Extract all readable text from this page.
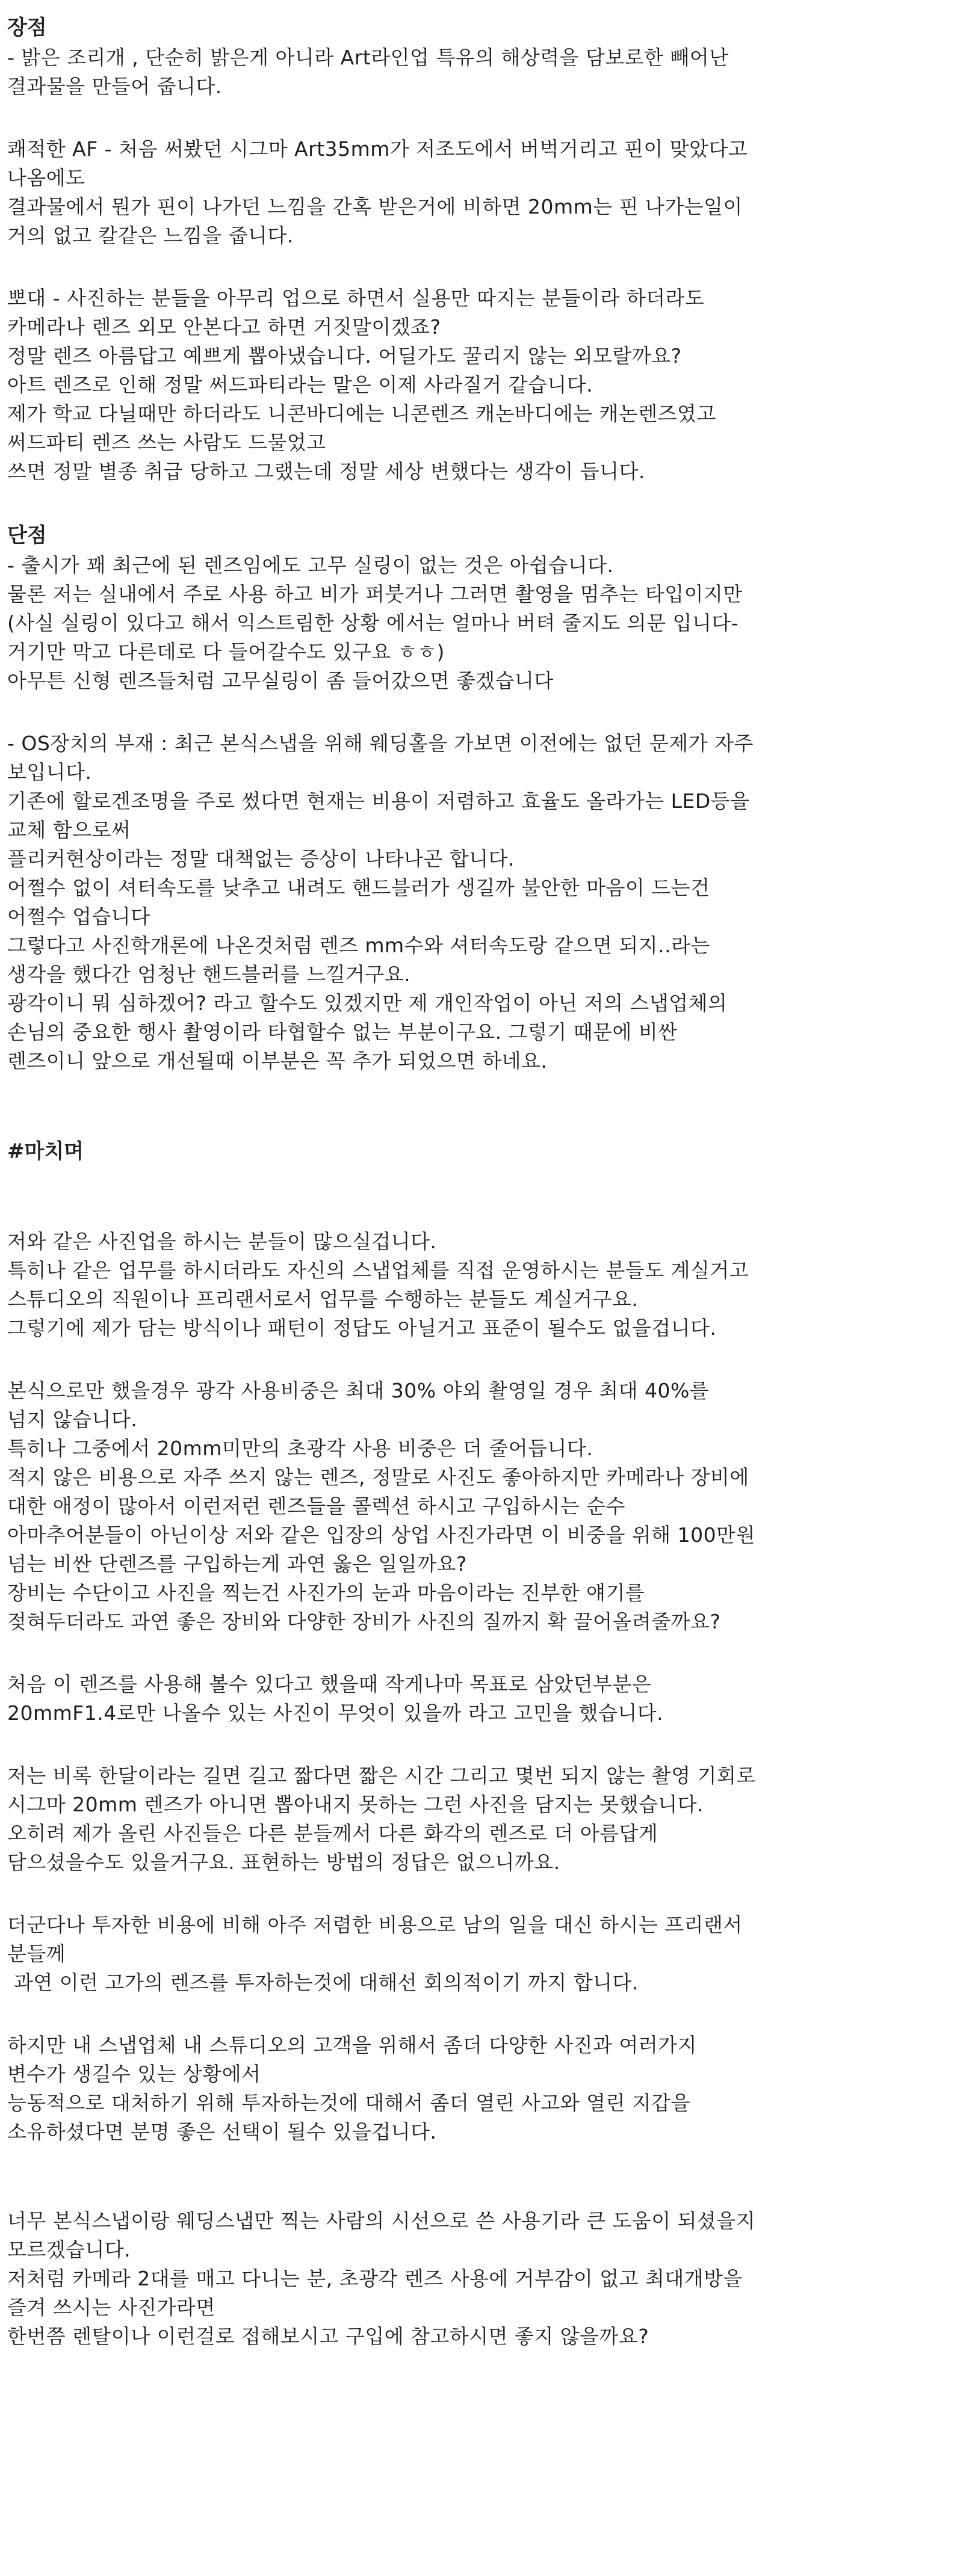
장점
- 밝은 조리개 , 단순히 밝은게 아니라 Art라인업 특유의 해상력을 담보로한 빼어난
결과물을 만들어 줍니다.
쾌적한 AF - 처음 써봤던 시그마 Art35mm가 저조도에서 버벅거리고 핀이 맞았다고
나옴에도
결과물에서 뭔가 핀이 나가던 느낌을 간혹 받은거에 비하면 20mm는 핀 나가는일이
거의 없고 칼같은 느낌을 줍니다.
뽀대 - 사진하는 분들을 아무리 업으로 하면서 실용만 따지는 분들이라 하더라도
카메라나 렌즈 외모 안본다고 하면 거짓말이겠죠?
정말 렌즈 아름답고 예쁘게 뽑아냈습니다. 어딜가도 꿀리지 않는 외모랄까요?
아트 렌즈로 인해 정말 써드파티라는 말은 이제 사라질거 같습니다.
제가 학교 다닐때만 하더라도 니콘바디에는 니콘렌즈 캐논바디에는 캐논렌즈였고
써드파티 렌즈 쓰는 사람도 드물었고
쓰면 정말 별종 취급 당하고 그랬는데 정말 세상 변했다는 생각이 듭니다.
단점
- 출시가 꽤 최근에 된 렌즈임에도 고무 실링이 없는 것은 아쉽습니다.
물론 저는 실내에서 주로 사용 하고 비가 퍼붓거나 그러면 촬영을 멈추는 타입이지만
(사실 실링이 있다고 해서 익스트림한 상황 에서는 얼마나 버텨 줄지도 의문 입니다-
거기만 막고 다른데로 다 들어갈수도 있구요 ㅎㅎ)
아무튼 신형 렌즈들처럼 고무실링이 좀 들어갔으면 좋겠습니다
- OS장치의 부재 : 최근 본식스냅을 위해 웨딩홀을 가보면 이전에는 없던 문제가 자주
보입니다.
기존에 할로겐조명을 주로 썼다면 현재는 비용이 저렴하고 효율도 올라가는 LED등을
교체 함으로써
플리커현상이라는 정말 대책없는 증상이 나타나곤 합니다.
어쩔수 없이 셔터속도를 낮추고 내려도 핸드블러가 생길까 불안한 마음이 드는건
어쩔수 업습니다
그렇다고 사진학개론에 나온것처럼 렌즈 mm수와 셔터속도랑 같으면 되지..라는
생각을 했다간 엄청난 핸드블러를 느낄거구요.
광각이니 뭐 심하겠어? 라고 할수도 있겠지만 제 개인작업이 아닌 저의 스냅업체의
손님의 중요한 행사 촬영이라 타협할수 없는 부분이구요. 그렇기 때문에 비싼
렌즈이니 앞으로 개선될때 이부분은 꼭 추가 되었으면 하네요.
#마치며
저와 같은 사진업을 하시는 분들이 많으실겁니다.
특히나 같은 업무를 하시더라도 자신의 스냅업체를 직접 운영하시는 분들도 계실거고
스튜디오의 직원이나 프리랜서로서 업무를 수행하는 분들도 계실거구요.
그렇기에 제가 담는 방식이나 패턴이 정답도 아닐거고 표준이 될수도 없을겁니다.
본식으로만 했을경우 광각 사용비중은 최대 30% 야외 촬영일 경우 최대 40%를
넘지 않습니다.
특히나 그중에서 20mm미만의 초광각 사용 비중은 더 줄어듭니다.
적지 않은 비용으로 자주 쓰지 않는 렌즈, 정말로 사진도 좋아하지만 카메라나 장비에
대한 애정이 많아서 이런저런 렌즈들을 콜렉션 하시고 구입하시는 순수
아마추어분들이 아닌이상 저와 같은 입장의 상업 사진가라면 이 비중을 위해 100만원
넘는 비싼 단렌즈를 구입하는게 과연 옳은 일일까요?
장비는 수단이고 사진을 찍는건 사진가의 눈과 마음이라는 진부한 얘기를
젖혀두더라도 과연 좋은 장비와 다양한 장비가 사진의 질까지 확 끌어올려줄까요?
처음 이 렌즈를 사용해 볼수 있다고 했을때 작게나마 목표로 삼았던부분은
20mmF1.4로만 나올수 있는 사진이 무엇이 있을까 라고 고민을 했습니다.
저는 비록 한달이라는 길면 길고 짧다면 짧은 시간 그리고 몇번 되지 않는 촬영 기회로
시그마 20mm 렌즈가 아니면 뽑아내지 못하는 그런 사진을 담지는 못했습니다.
오히려 제가 올린 사진들은 다른 분들께서 다른 화각의 렌즈로 더 아름답게
담으셨을수도 있을거구요. 표현하는 방법의 정답은 없으니까요.
더군다나 투자한 비용에 비해 아주 저렴한 비용으로 남의 일을 대신 하시는 프리랜서
분들께
과연 이런 고가의 렌즈를 투자하는것에 대해선 회의적이기 까지 합니다.
하지만 내 스냅업체 내 스튜디오의 고객을 위해서 좀더 다양한 사진과 여러가지
변수가 생길수 있는 상황에서
능동적으로 대처하기 위해 투자하는것에 대해서 좀더 열린 사고와 열린 지갑을
소유하셨다면 분명 좋은 선택이 될수 있을겁니다.
너무 본식스냅이랑 웨딩스냅만 찍는 사람의 시선으로 쓴 사용기라 큰 도움이 되셨을지
모르겠습니다.
저처럼 카메라 2대를 매고 다니는 분, 초광각 렌즈 사용에 거부감이 없고 최대개방을
즐겨 쓰시는 사진가라면
한번쯤 렌탈이나 이런걸로 접해보시고 구입에 참고하시면 좋지 않을까요?
